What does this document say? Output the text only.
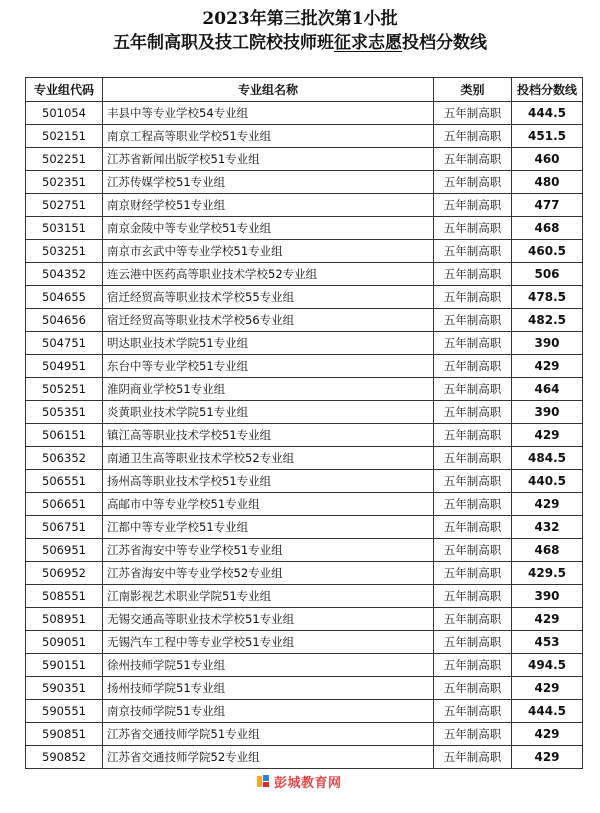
2023年第三批次第1小批
五年制高职及技工院校技师班征求志愿投档分数线
专业组代码	专业组名称	类别	投档分数线
501054	丰县中等专业学校54专业组	五年制高职	444.5
502151	南京工程高等职业学校51专业组	五年制高职	451.5
502251	江苏省新闻出版学校51专业组	五年制高职	460
502351	江苏传媒学校51专业组	五年制高职	480
502751	南京财经学校51专业组	五年制高职	477
503151	南京金陵中等专业学校51专业组	五年制高职	468
503251	南京市玄武中等专业学校51专业组	五年制高职	460.5
504352	连云港中医药高等职业技术学校52专业组	五年制高职	506
504655	宿迁经贸高等职业技术学校55专业组	五年制高职	478.5
504656	宿迁经贸高等职业技术学校56专业组	五年制高职	482.5
504751	明达职业技术学院51专业组	五年制高职	390
504951	东台中等专业学校51专业组	五年制高职	429
505251	淮阴商业学校51专业组	五年制高职	464
505351	炎黄职业技术学院51专业组	五年制高职	390
506151	镇江高等职业技术学校51专业组	五年制高职	429
506352	南通卫生高等职业技术学校52专业组	五年制高职	484.5
506551	扬州高等职业技术学校51专业组	五年制高职	440.5
506651	高邮市中等专业学校51专业组	五年制高职	429
506751	江都中等专业学校51专业组	五年制高职	432
506951	江苏省海安中等专业学校51专业组	五年制高职	468
506952	江苏省海安中等专业学校52专业组	五年制高职	429.5
508551	江南影视艺术职业学院51专业组	五年制高职	390
508951	无锡交通高等职业技术学校51专业组	五年制高职	429
509051	无锡汽车工程中等专业学校51专业组	五年制高职	453
590151	徐州技师学院51专业组	五年制高职	494.5
590351	扬州技师学院51专业组	五年制高职	429
590551	南京技师学院51专业组	五年制高职	444.5
590851	江苏省交通技师学院51专业组	五年制高职	429
590852	江苏省交通技师学院52专业组	五年制高职	429
彭城教育网
